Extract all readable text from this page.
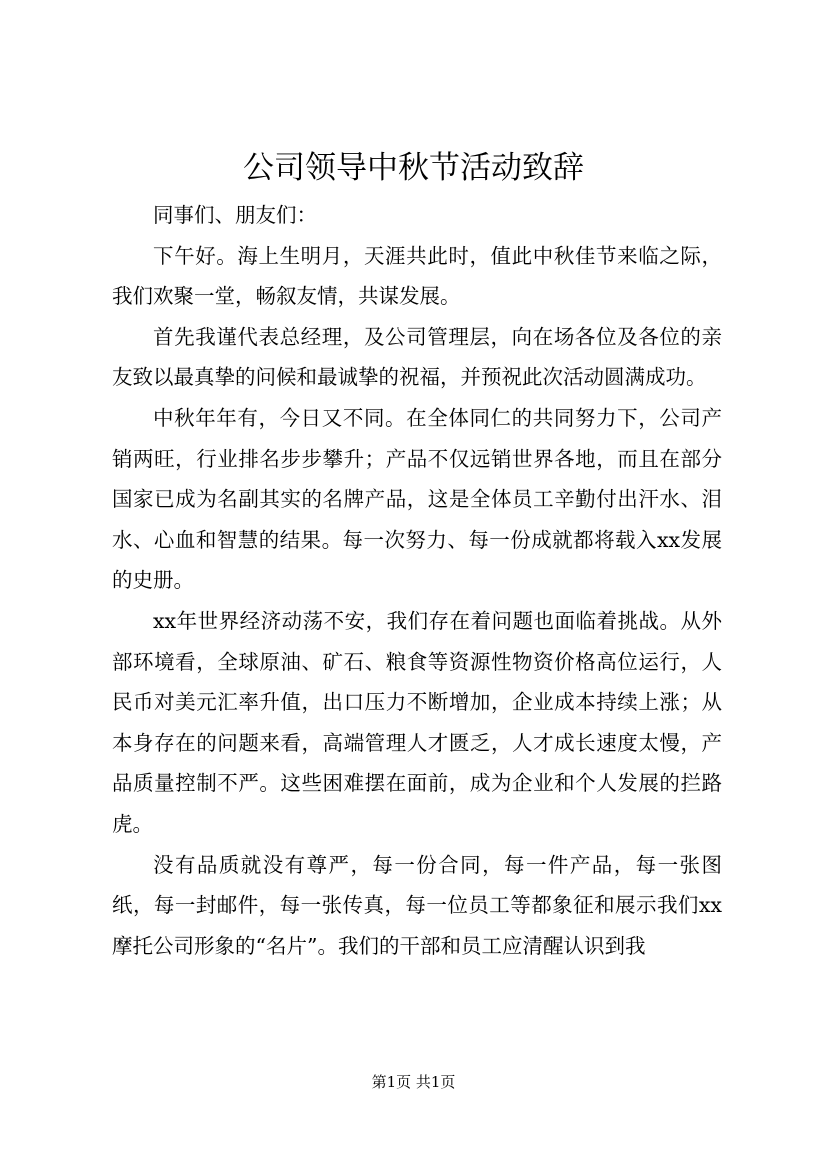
公司领导中秋节活动致辞

同事们、朋友们：

下午好。海上生明月，天涯共此时，值此中秋佳节来临之际，我们欢聚一堂，畅叙友情，共谋发展。

首先我谨代表总经理，及公司管理层，向在场各位及各位的亲友致以最真挚的问候和最诚挚的祝福，并预祝此次活动圆满成功。

中秋年年有，今日又不同。在全体同仁的共同努力下，公司产销两旺，行业排名步步攀升；产品不仅远销世界各地，而且在部分国家已成为名副其实的名牌产品，这是全体员工辛勤付出汗水、泪水、心血和智慧的结果。每一次努力、每一份成就都将载入xx发展的史册。

xx年世界经济动荡不安，我们存在着问题也面临着挑战。从外部环境看，全球原油、矿石、粮食等资源性物资价格高位运行，人民币对美元汇率升值，出口压力不断增加，企业成本持续上涨；从本身存在的问题来看，高端管理人才匮乏，人才成长速度太慢，产品质量控制不严。这些困难摆在面前，成为企业和个人发展的拦路虎。

没有品质就没有尊严，每一份合同，每一件产品，每一张图纸，每一封邮件，每一张传真，每一位员工等都象征和展示我们xx摩托公司形象的“名片”。我们的干部和员工应清醒认识到我

第1页 共1页
